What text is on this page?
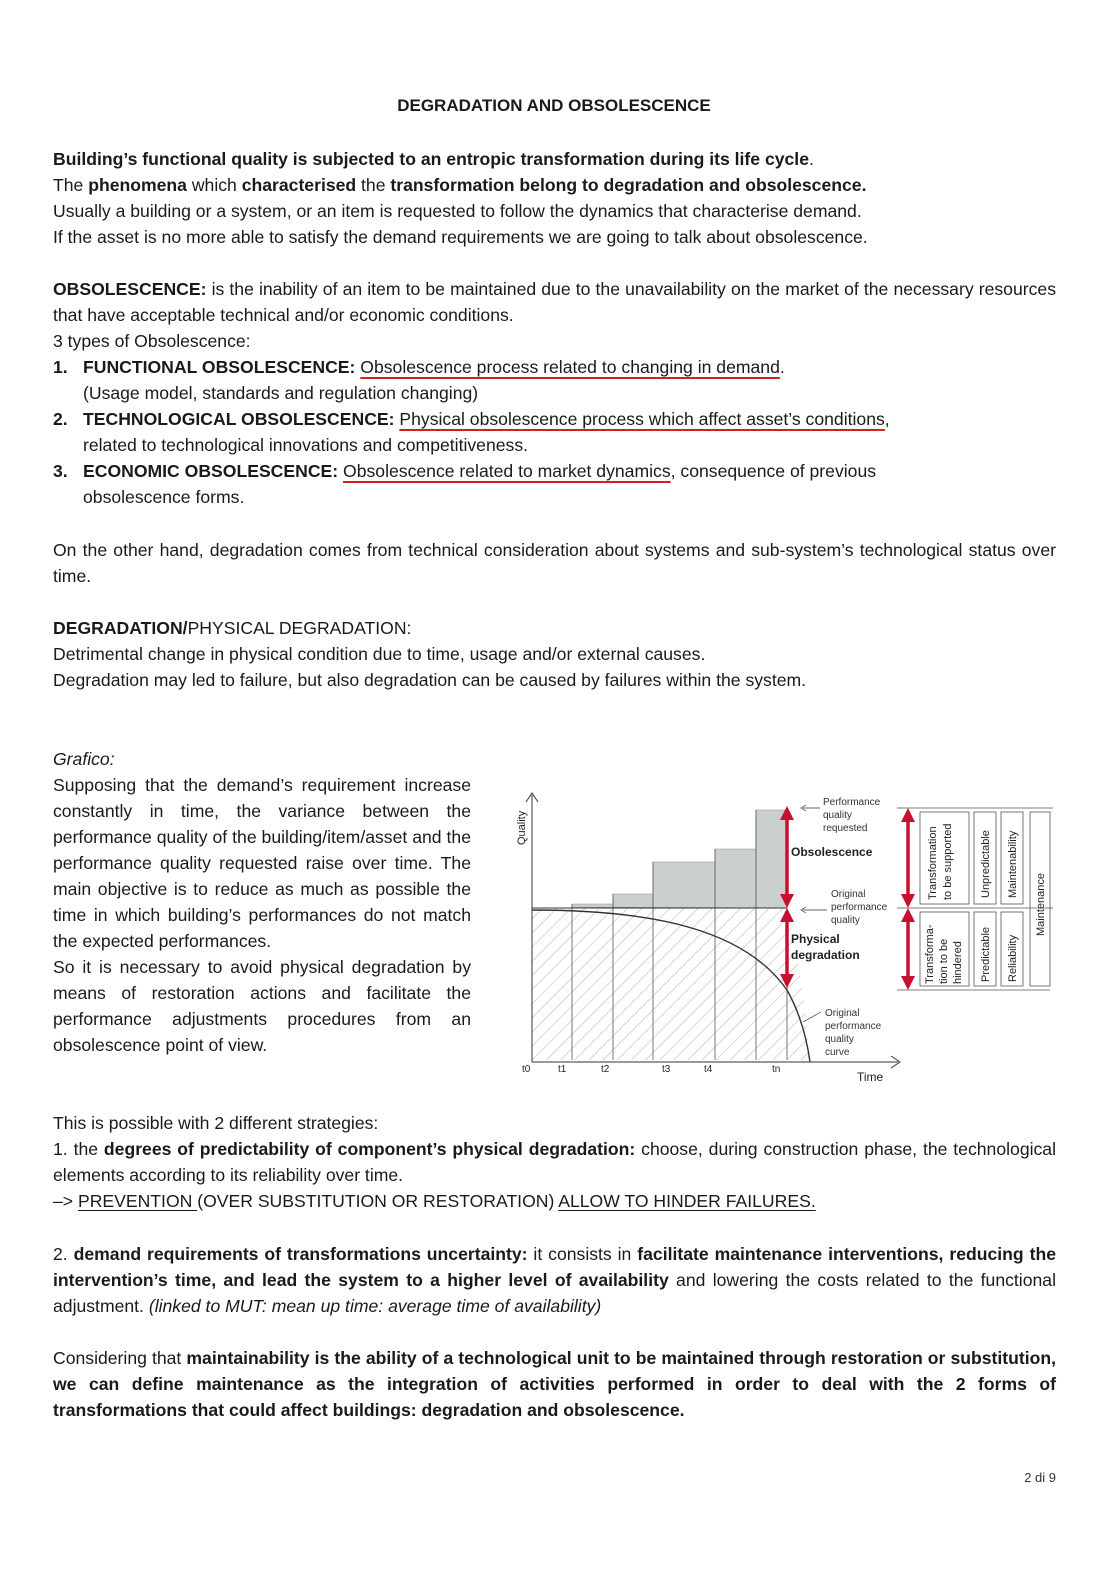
DEGRADATION AND OBSOLESCENCE
Building’s functional quality is subjected to an entropic transformation during its life cycle.
The phenomena which characterised the transformation belong to degradation and obsolescence.
Usually a building or a system, or an item is requested to follow the dynamics that characterise demand.
If the asset is no more able to satisfy the demand requirements we are going to talk about obsolescence.
OBSOLESCENCE: is the inability of an item to be maintained due to the unavailability on the market of the necessary resources that have acceptable technical and/or economic conditions.
3 types of Obsolescence:
1. FUNCTIONAL OBSOLESCENCE: Obsolescence process related to changing in demand.
(Usage model, standards and regulation changing)
2. TECHNOLOGICAL OBSOLESCENCE: Physical obsolescence process which affect asset’s conditions,
related to technological innovations and competitiveness.
3. ECONOMIC OBSOLESCENCE: Obsolescence related to market dynamics, consequence of previous
obsolescence forms.
On the other hand, degradation comes from technical consideration about systems and sub-system’s technological status over time.
DEGRADATION/PHYSICAL DEGRADATION:
Detrimental change in physical condition due to time, usage and/or external causes.
Degradation may led to failure, but also degradation can be caused by failures within the system.
Grafico:
Supposing that the demand’s requirement increase constantly in time, the variance between the performance quality of the building/item/asset and the performance quality requested raise over time. The main objective is to reduce as much as possible the time in which building’s performances do not match the expected performances.
So it is necessary to avoid physical degradation by means of restoration actions and facilitate the performance adjustments procedures from an obsolescence point of view.
Quality
Time
t0	t1	t2	t3	t4	tn
Performance
quality
requested
Original
performance
quality
Original
performance
quality
curve
Obsolescence
Physical
degradation
Transformation to be supported
Transforma- tion to be hindered
Unpredictable
Predictable
Maintenability
Reliability
Maintenance
This is possible with 2 different strategies:
1. the degrees of predictability of component’s physical degradation: choose, during construction phase, the technological elements according to its reliability over time.
–> PREVENTION (OVER SUBSTITUTION OR RESTORATION) ALLOW TO HINDER FAILURES.
2. demand requirements of transformations uncertainty: it consists in facilitate maintenance interventions, reducing the intervention’s time, and lead the system to a higher level of availability and lowering the costs related to the functional adjustment. (linked to MUT: mean up time: average time of availability)
Considering that maintainability is the ability of a technological unit to be maintained through restoration or substitution, we can define maintenance as the integration of activities performed in order to deal with the 2 forms of transformations that could affect buildings: degradation and obsolescence.
2 di 9
